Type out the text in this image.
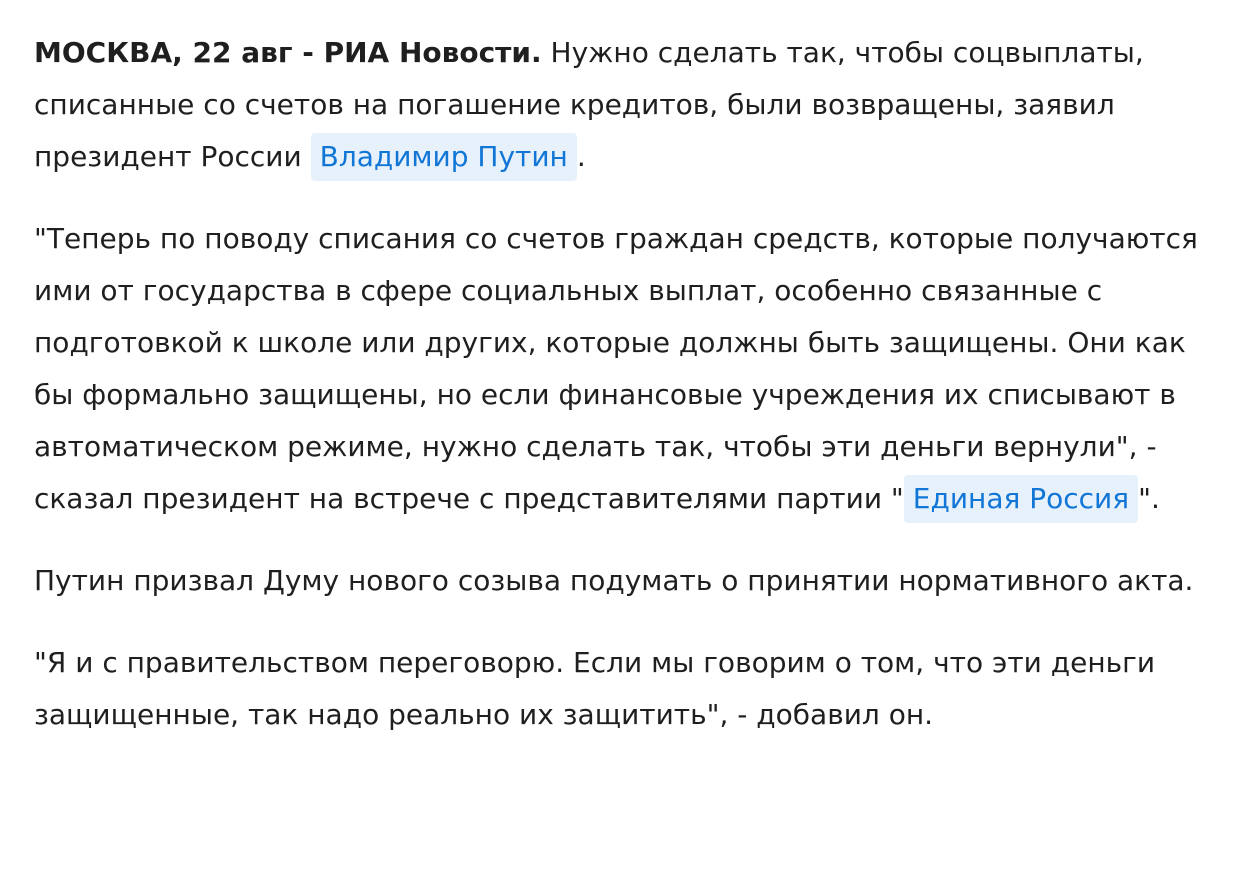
МОСКВА, 22 авг - РИА Новости. Нужно сделать так, чтобы соцвыплаты, списанные со счетов на погашение кредитов, были возвращены, заявил президент России Владимир Путин .

"Теперь по поводу списания со счетов граждан средств, которые получаются ими от государства в сфере социальных выплат, особенно связанные с подготовкой к школе или других, которые должны быть защищены. Они как бы формально защищены, но если финансовые учреждения их списывают в автоматическом режиме, нужно сделать так, чтобы эти деньги вернули", - сказал президент на встрече с представителями партии " Единая Россия ".

Путин призвал Думу нового созыва подумать о принятии нормативного акта.

"Я и с правительством переговорю. Если мы говорим о том, что эти деньги защищенные, так надо реально их защитить", - добавил он.
